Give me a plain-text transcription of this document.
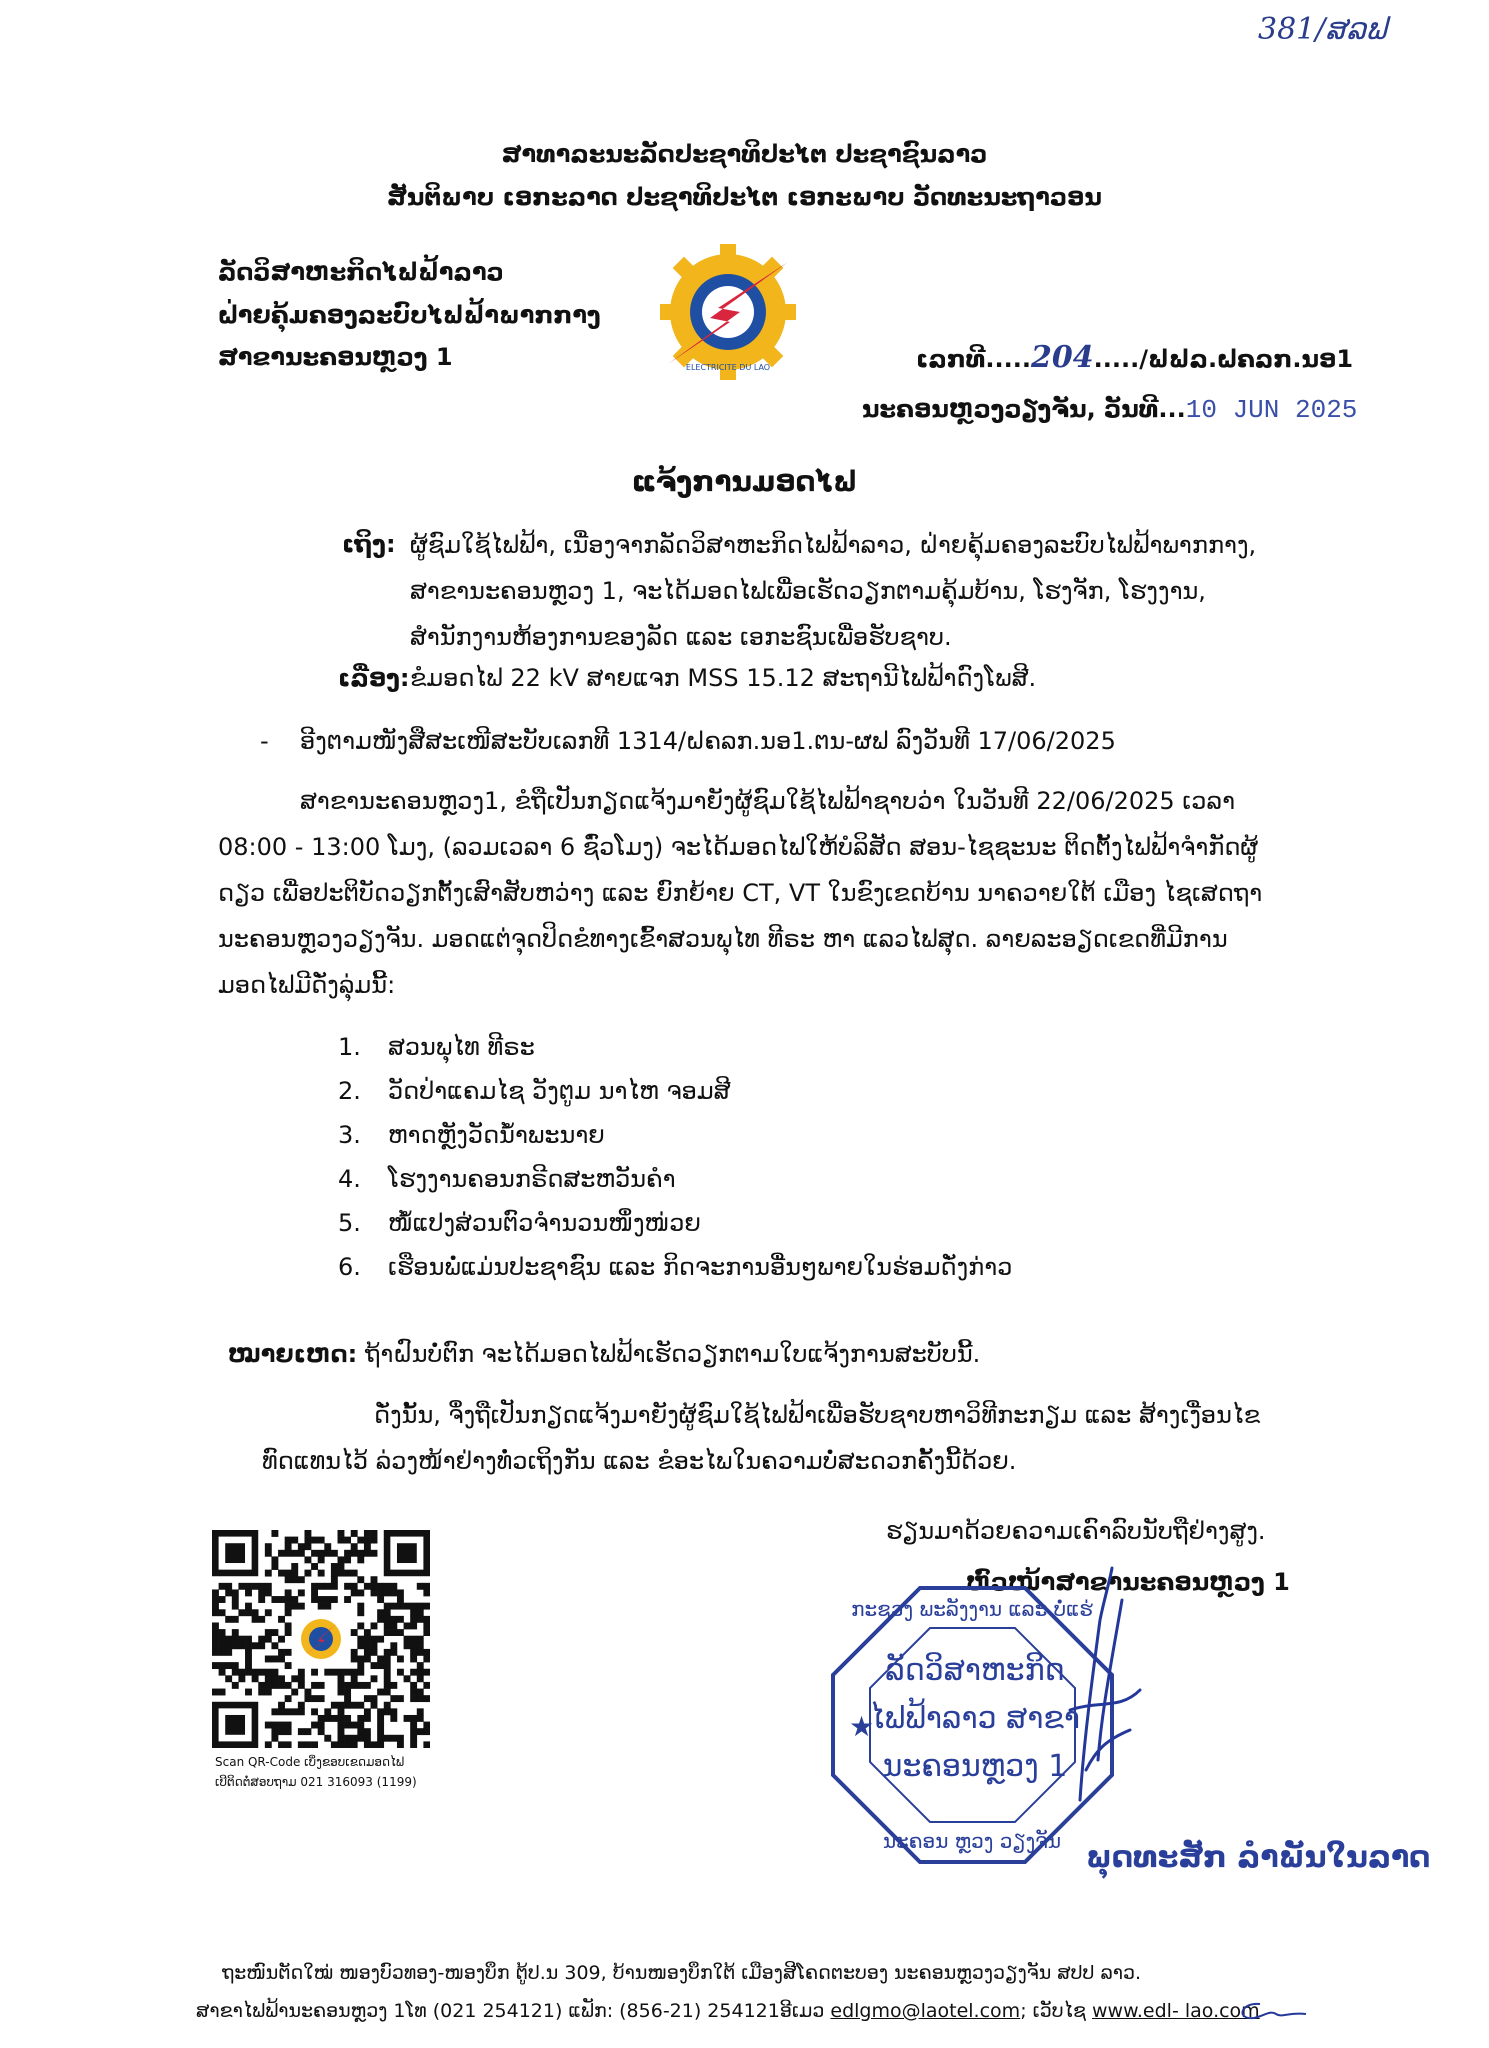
381/ສລຟ
ສາທາລະນະລັດປະຊາທິປະໄຕ ປະຊາຊົນລາວ
ສັນຕິພາບ ເອກະລາດ ປະຊາທິປະໄຕ ເອກະພາບ ວັດທະນະຖາວອນ
ລັດວິສາຫະກິດໄຟຟ້າລາວ
ຝ່າຍຄຸ້ມຄອງລະບົບໄຟຟ້າພາກກາງ
ສາຂານະຄອນຫຼວງ 1	ELECTRICITE DU LAO	ເລກທີ.....204...../ຟຟລ.ຝຄລກ.ນອ1
ນະຄອນຫຼວງວຽງຈັນ, ວັນທີ...10 JUN 2025
ແຈ້ງການມອດໄຟ
ເຖິງ: ຜູ້ຊົມໃຊ້ໄຟຟ້າ, ເນື່ອງຈາກລັດວິສາຫະກິດໄຟຟ້າລາວ, ຝ່າຍຄຸ້ມຄອງລະບົບໄຟຟ້າພາກກາງ,
ສາຂານະຄອນຫຼວງ 1, ຈະໄດ້ມອດໄຟເພື່ອເຮັດວຽກຕາມຄຸ້ມບ້ານ, ໂຮງຈັກ, ໂຮງງານ,
ສໍານັກງານຫ້ອງການຂອງລັດ ແລະ ເອກະຊົນເພື່ອຮັບຊາບ.
ເລື່ອງ: ຂໍມອດໄຟ 22 kV ສາຍແຈກ MSS 15.12 ສະຖານີໄຟຟ້າດົງໂພສີ.
- ອີງຕາມໜັງສືສະເໜີສະບັບເລກທີ 1314/ຝຄລກ.ນອ1.ຕນ-ຜຟ ລົງວັນທີ 17/06/2025
ສາຂານະຄອນຫຼວງ1, ຂໍຖືເປັນກຽດແຈ້ງມາຍັງຜູ້ຊົມໃຊ້ໄຟຟ້າຊາບວ່າ ໃນວັນທີ 22/06/2025 ເວລາ
08:00 - 13:00 ໂມງ, (ລວມເວລາ 6 ຊົ່ວໂມງ) ຈະໄດ້ມອດໄຟໃຫ້ບໍລິສັດ ສອນ-ໄຊຊະນະ ຕິດຕັ້ງໄຟຟ້າຈໍາກັດຜູ້
ດຽວ ເພື່ອປະຕິບັດວຽກຕັ້ງເສົາສັບຫວ່າງ ແລະ ຍົກຍ້າຍ CT, VT ໃນຂົງເຂດບ້ານ ນາຄວາຍໃຕ້ ເມືອງ ໄຊເສດຖາ
ນະຄອນຫຼວງວຽງຈັນ. ມອດແຕ່ຈຸດປິດຂໍທາງເຂົ້າສວນພຸໄທ ທີຣະ ຫາ ແລວໄຟສຸດ. ລາຍລະອຽດເຂດທີ່ມີການ
ມອດໄຟມີດັ່ງລຸ່ມນີ້:
1. ສວນພຸໄທ ທີຣະ
2. ວັດປ່າແຄມໄຊ ວັງຕູມ ນາໄຫ ຈອມສີ
3. ຫາດຫຼັງວັດນໍ້າພະນາຍ
4. ໂຮງງານຄອນກຣີດສະຫວັນຄໍາ
5. ໜໍ້ແປງສ່ວນຕົວຈໍານວນໜຶ່ງໜ່ວຍ
6. ເຮືອນພໍ່ແມ່ນປະຊາຊົນ ແລະ ກິດຈະການອື່ນໆພາຍໃນຮ່ອມດັ່ງກ່າວ
ໝາຍເຫດ: ຖ້າຝົນບໍ່ຕົກ ຈະໄດ້ມອດໄຟຟ້າເຮັດວຽກຕາມໃບແຈ້ງການສະບັບນີ້.
ດັ່ງນັ້ນ, ຈຶ່ງຖືເປັນກຽດແຈ້ງມາຍັງຜູ້ຊົມໃຊ້ໄຟຟ້າເພື່ອຮັບຊາບຫາວິທີກະກຽມ ແລະ ສ້າງເງື່ອນໄຂ
ທົດແທນໄວ້ ລ່ວງໜ້າຢ່າງທໍ່ວເຖິງກັນ ແລະ ຂໍອະໄພໃນຄວາມບໍ່ສະດວກຄັ້ງນີ້ດ້ວຍ.
ຮຽນມາດ້ວຍຄວາມເຄົາລົບນັບຖືຢ່າງສູງ.
ຫົວໜ້າສາຂານະຄອນຫຼວງ 1
Scan QR-Code ເບິ່ງຂອບເຂດມອດໄຟ
ເບີຕິດຕໍ່ສອບຖາມ 021 316093 (1199)
ກະຊວງ ພະລັງງານ ແລະ ບໍ່ແຮ່
ລັດວິສາຫະກິດ
ໄຟຟ້າລາວ ສາຂາ
ນະຄອນຫຼວງ 1
ນະຄອນ ຫຼວງ ວຽງຈັນ
★
ພຸດທະສັກ ລໍາພັນໃນລາດ
ຖະໜົນຕັດໃໝ່ ໜອງບົວທອງ-ໜອງບຶກ ຕູ້ປ.ນ 309, ບ້ານໜອງບຶກໃຕ້ ເມືອງສີໂຄດຕະບອງ ນະຄອນຫຼວງວຽງຈັນ ສປປ ລາວ.
ສາຂາໄຟຟ້ານະຄອນຫຼວງ 1ໂທ (021 254121) ແຟັກ: (856-21) 254121ອີເມວ edlgmo@laotel.com; ເວັບໄຊ www.edl- lao.com
